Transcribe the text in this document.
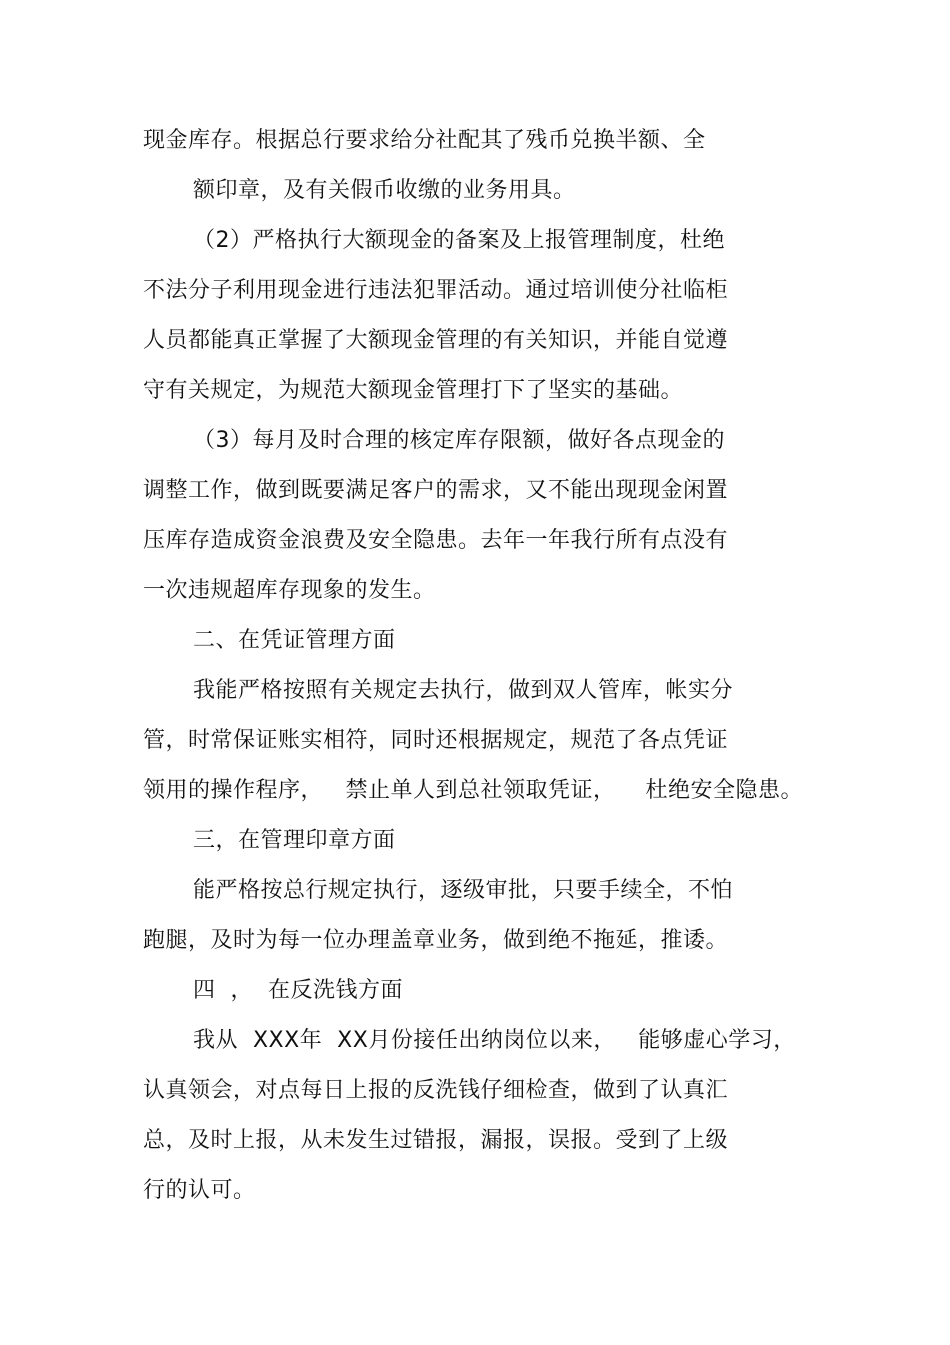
现金库存。根据总行要求给分社配其了残币兑换半额、全
额印章，及有关假币收缴的业务用具。
（2）严格执行大额现金的备案及上报管理制度，杜绝
不法分子利用现金进行违法犯罪活动。通过培训使分社临柜
人员都能真正掌握了大额现金管理的有关知识，并能自觉遵
守有关规定，为规范大额现金管理打下了坚实的基础。
（3）每月及时合理的核定库存限额，做好各点现金的
调整工作，做到既要满足客户的需求，又不能出现现金闲置
压库存造成资金浪费及安全隐患。去年一年我行所有点没有
一次违规超库存现象的发生。
二、在凭证管理方面
我能严格按照有关规定去执行，做到双人管库，帐实分
管，时常保证账实相符，同时还根据规定，规范了各点凭证
领用的操作程序，   禁止单人到总社领取凭证，    杜绝安全隐患。
三，在管理印章方面
能严格按总行规定执行，逐级审批，只要手续全，不怕
跑腿，及时为每一位办理盖章业务，做到绝不拖延，推诿。
四  ，  在反洗钱方面
我从  XXX年  XX月份接任出纳岗位以来，   能够虚心学习，
认真领会，对点每日上报的反洗钱仔细检查，做到了认真汇
总，及时上报，从未发生过错报，漏报，误报。受到了上级
行的认可。
